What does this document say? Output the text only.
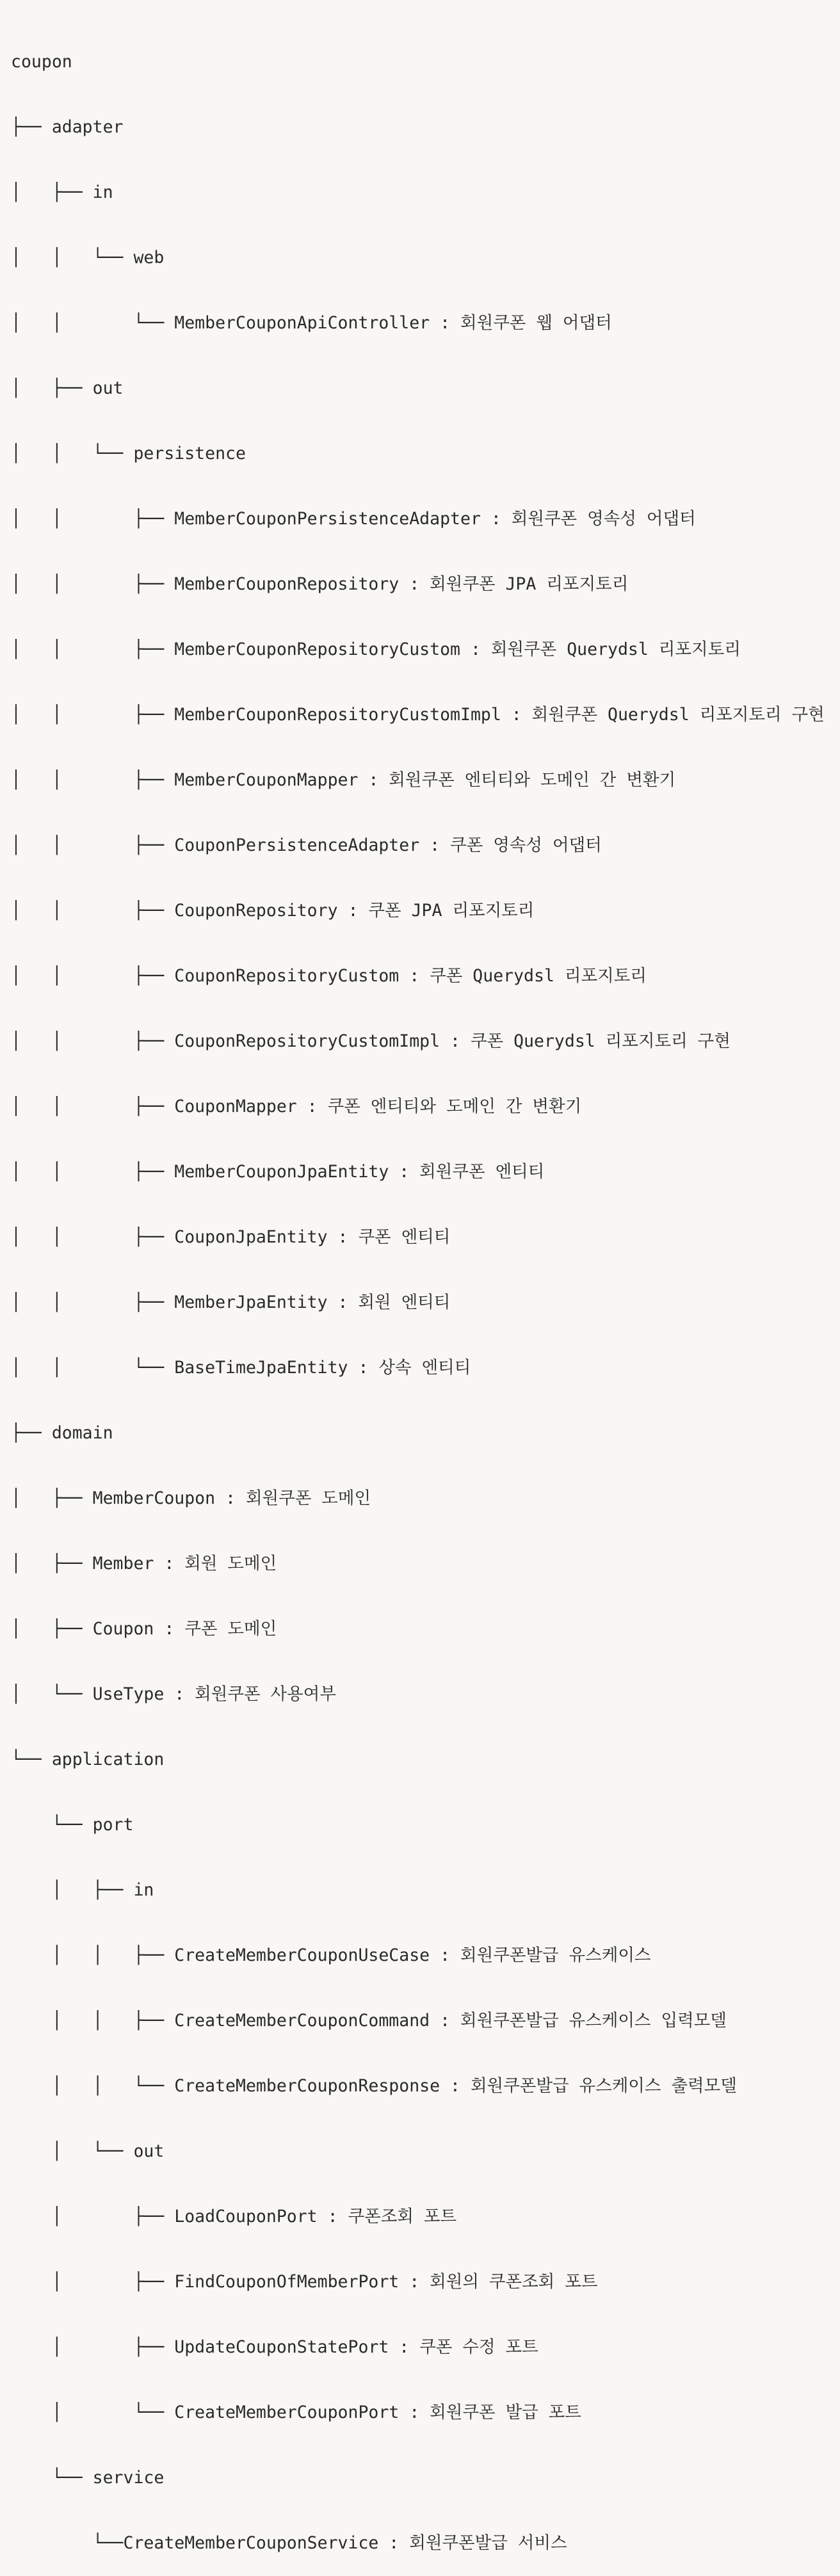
coupon

├── adapter

│   ├── in

│   │   └── web

│   │       └── MemberCouponApiController : 회원쿠폰 웹 어댑터

│   ├── out

│   │   └── persistence

│   │       ├── MemberCouponPersistenceAdapter : 회원쿠폰 영속성 어댑터

│   │       ├── MemberCouponRepository : 회원쿠폰 JPA 리포지토리

│   │       ├── MemberCouponRepositoryCustom : 회원쿠폰 Querydsl 리포지토리

│   │       ├── MemberCouponRepositoryCustomImpl : 회원쿠폰 Querydsl 리포지토리 구현

│   │       ├── MemberCouponMapper : 회원쿠폰 엔티티와 도메인 간 변환기

│   │       ├── CouponPersistenceAdapter : 쿠폰 영속성 어댑터

│   │       ├── CouponRepository : 쿠폰 JPA 리포지토리

│   │       ├── CouponRepositoryCustom : 쿠폰 Querydsl 리포지토리

│   │       ├── CouponRepositoryCustomImpl : 쿠폰 Querydsl 리포지토리 구현

│   │       ├── CouponMapper : 쿠폰 엔티티와 도메인 간 변환기

│   │       ├── MemberCouponJpaEntity : 회원쿠폰 엔티티

│   │       ├── CouponJpaEntity : 쿠폰 엔티티

│   │       ├── MemberJpaEntity : 회원 엔티티

│   │       └── BaseTimeJpaEntity : 상속 엔티티

├── domain

│   ├── MemberCoupon : 회원쿠폰 도메인

│   ├── Member : 회원 도메인

│   ├── Coupon : 쿠폰 도메인

│   └── UseType : 회원쿠폰 사용여부

└── application

└── port

│   ├── in

│   │   ├── CreateMemberCouponUseCase : 회원쿠폰발급 유스케이스

│   │   ├── CreateMemberCouponCommand : 회원쿠폰발급 유스케이스 입력모델

│   │   └── CreateMemberCouponResponse : 회원쿠폰발급 유스케이스 출력모델

│   └── out

│       ├── LoadCouponPort : 쿠폰조회 포트

│       ├── FindCouponOfMemberPort : 회원의 쿠폰조회 포트

│       ├── UpdateCouponStatePort : 쿠폰 수정 포트

│       └── CreateMemberCouponPort : 회원쿠폰 발급 포트

└── service

└──CreateMemberCouponService : 회원쿠폰발급 서비스
